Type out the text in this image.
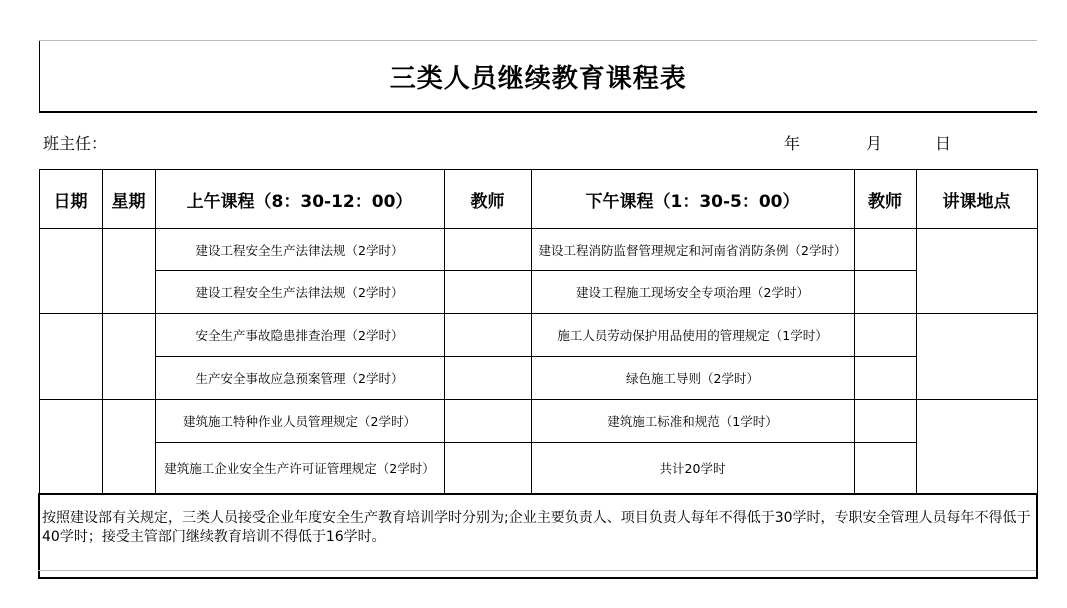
三类人员继续教育课程表						

班主任： 年 月 日						

日期	星期	上午课程（8：30-12：00）	教师	下午课程（1：30-5：00）	教师	讲课地点
		建设工程安全生产法律法规（2学时）		建设工程消防监督管理规定和河南省消防条例（2学时）		
		建设工程安全生产法律法规（2学时）		建设工程施工现场安全专项治理（2学时）		
		安全生产事故隐患排查治理（2学时）		施工人员劳动保护用品使用的管理规定（1学时）		
		生产安全事故应急预案管理（2学时）		绿色施工导则（2学时）		
		建筑施工特种作业人员管理规定（2学时）		建筑施工标准和规范（1学时）		
		建筑施工企业安全生产许可证管理规定（2学时）		共计20学时		
按照建设部有关规定，三类人员接受企业年度安全生产教育培训学时分别为;企业主要负责人、项目负责人每年不得低于30学时，专职安全管理人员每年不得低于40学时；接受主管部门继续教育培训不得低于16学时。						
